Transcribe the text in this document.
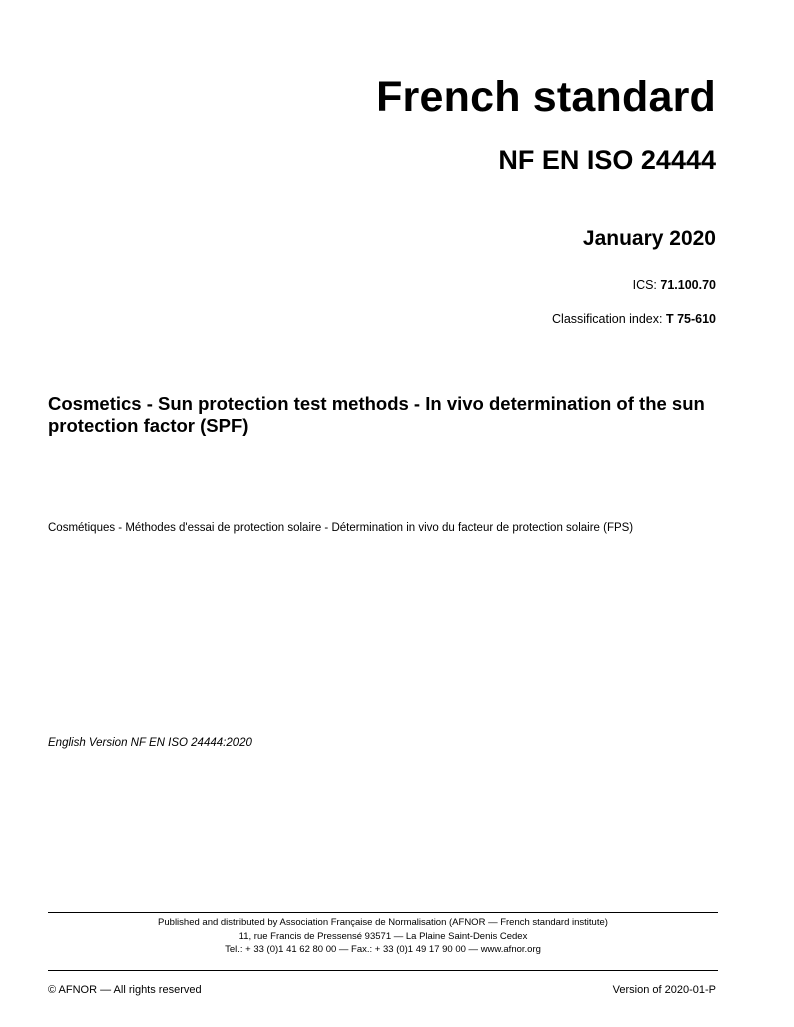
French standard
NF EN ISO 24444
January 2020
ICS: 71.100.70
Classification index: T 75-610
Cosmetics - Sun protection test methods - In vivo determination of the sun protection factor (SPF)
Cosmétiques - Méthodes d'essai de protection solaire - Détermination in vivo du facteur de protection solaire (FPS)
English Version NF EN ISO 24444:2020
Published and distributed by Association Française de Normalisation (AFNOR — French standard institute)
11, rue Francis de Pressensé 93571 — La Plaine Saint-Denis Cedex
Tel.: + 33 (0)1 41 62 80 00 — Fax.: + 33 (0)1 49 17 90 00 — www.afnor.org
© AFNOR — All rights reserved	Version of 2020-01-P
